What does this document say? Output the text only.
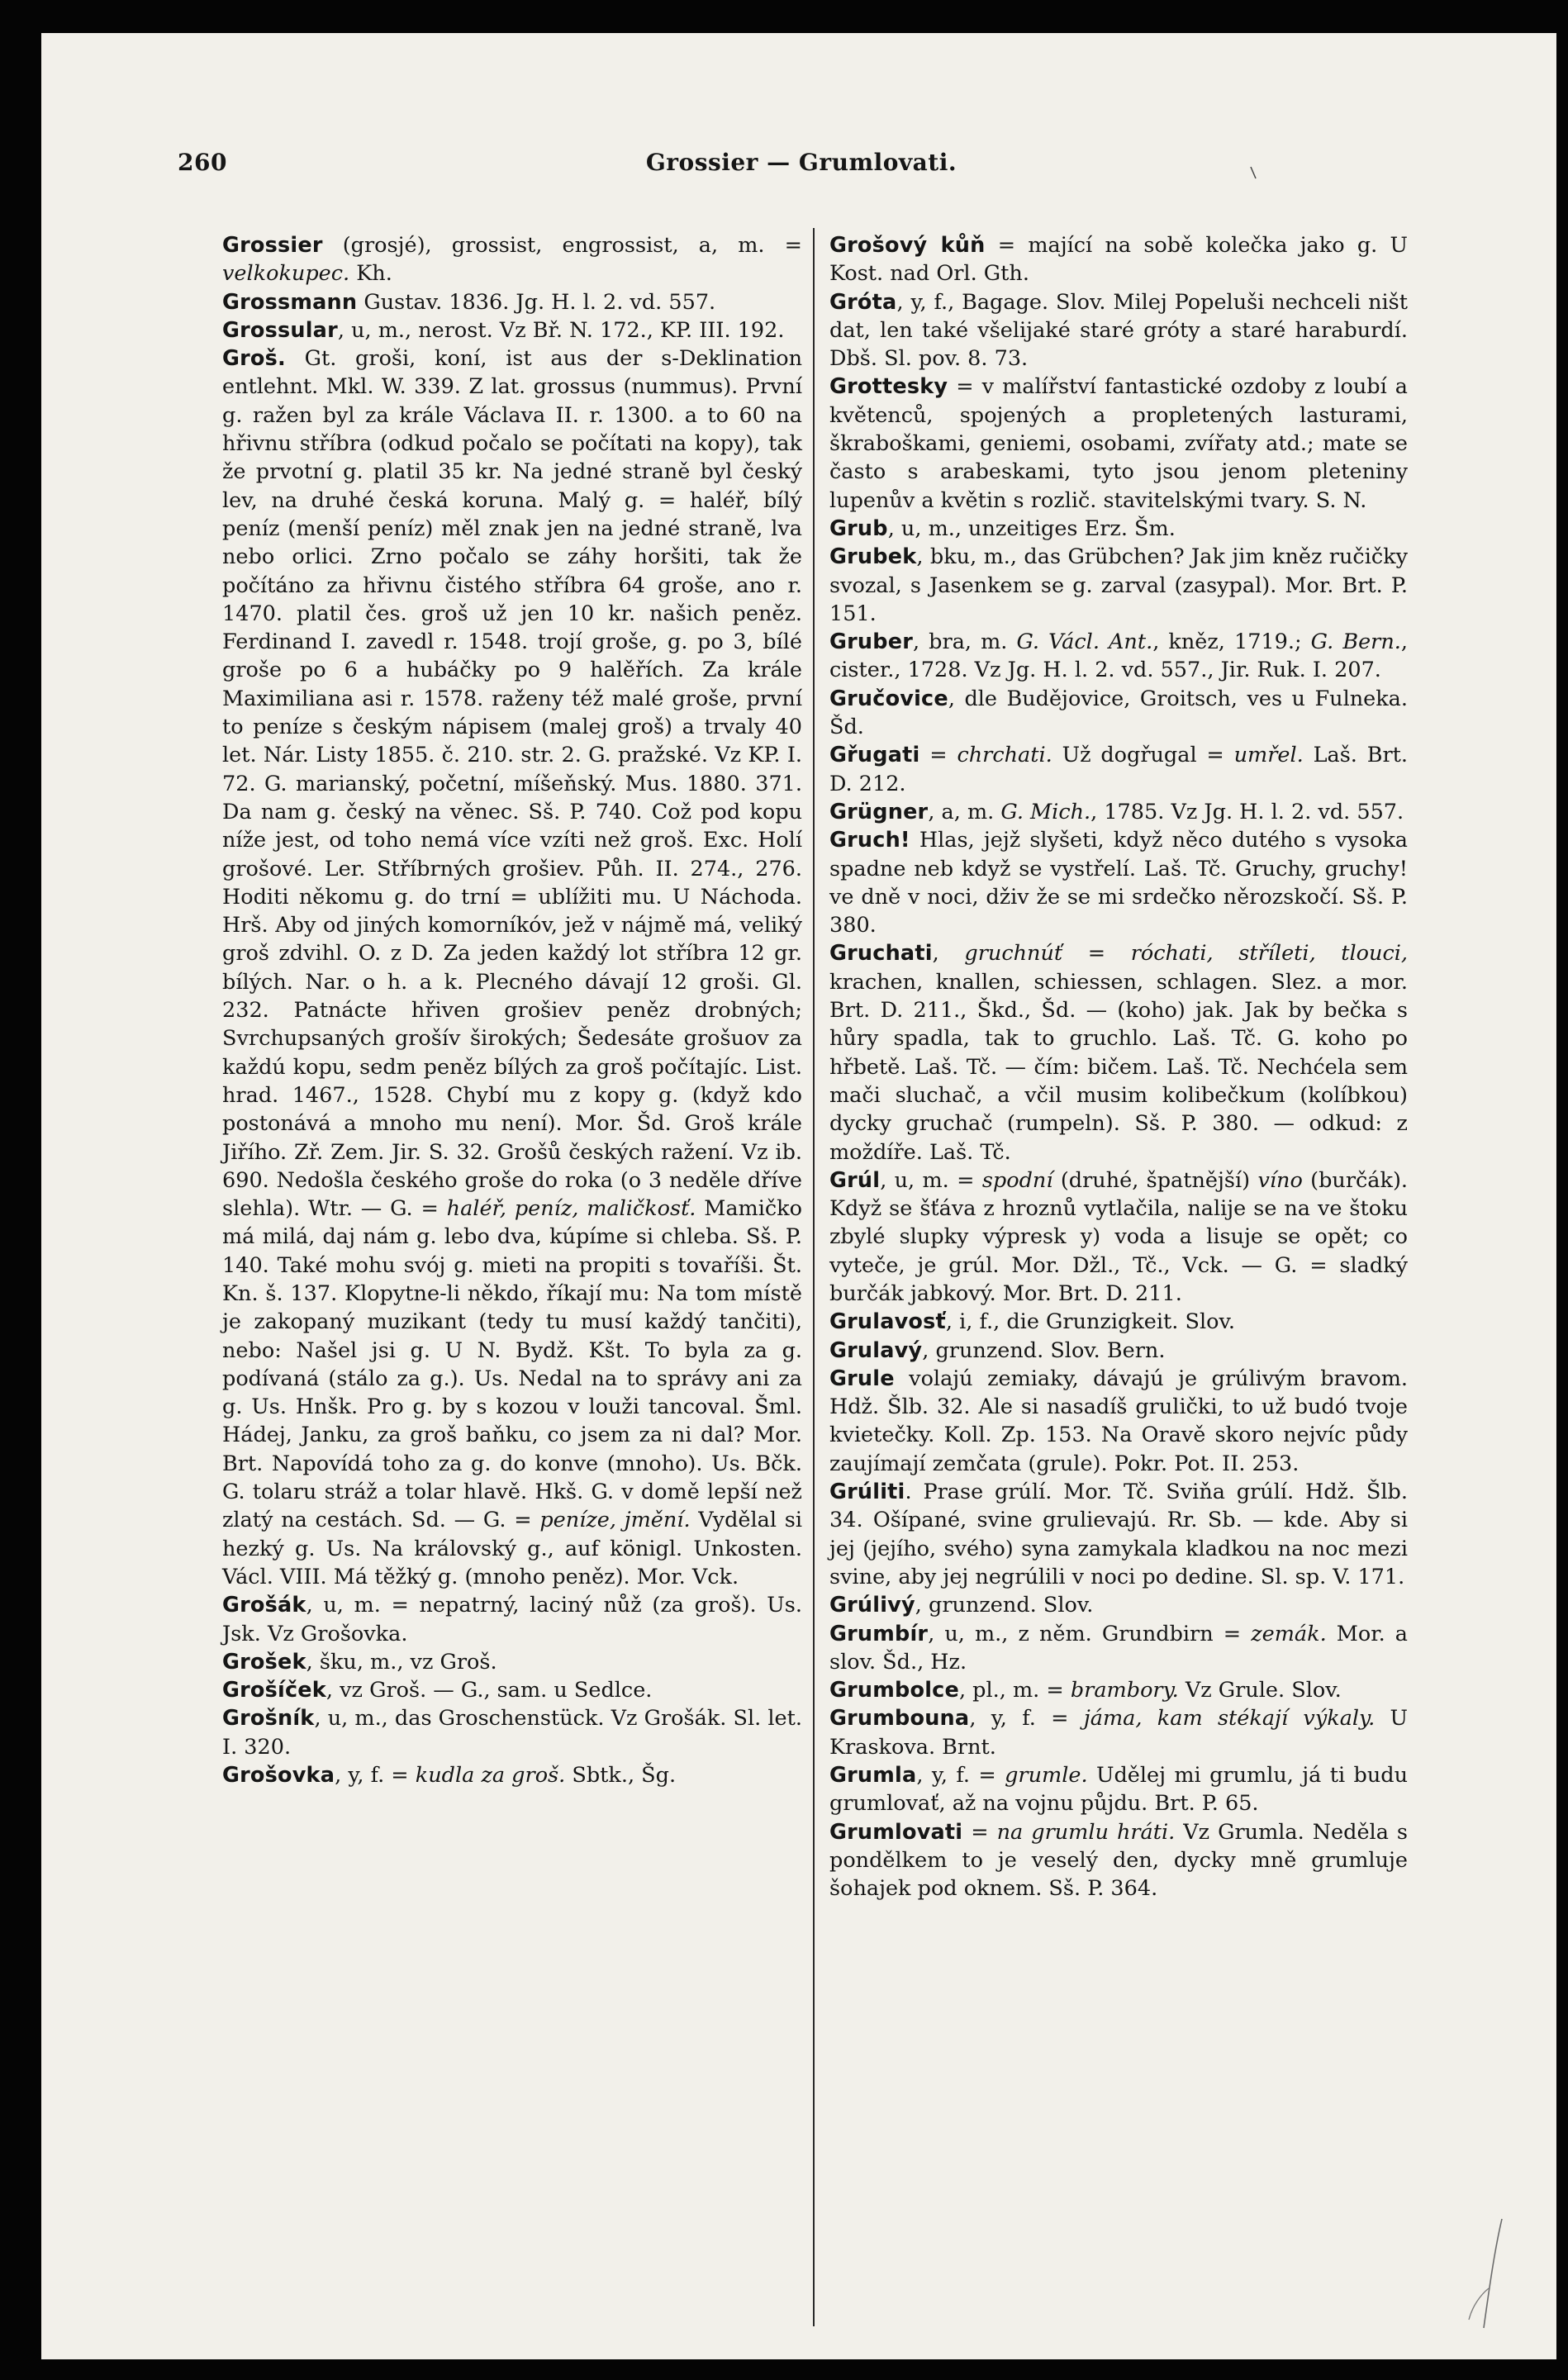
260	Grossier — Grumlovati.

Grossier (grosjé), grossist, engrossist, a, m. = velkokupec. Kh.

Grossmann Gustav. 1836. Jg. H. l. 2. vd. 557.

Grossular, u, m., nerost. Vz Bř. N. 172., KP. III. 192.

Groš. Gt. groši, koní, ist aus der s-Deklination entlehnt. Mkl. W. 339. Z lat. grossus (nummus). První g. ražen byl za krále Václava II. r. 1300. a to 60 na hřivnu stříbra (odkud počalo se počítati na kopy), tak že prvotní g. platil 35 kr. Na jedné straně byl český lev, na druhé česká koruna. Malý g. = haléř, bílý peníz (menší peníz) měl znak jen na jedné straně, lva nebo orlici. Zrno počalo se záhy horšiti, tak že počítáno za hřivnu čistého stříbra 64 groše, ano r. 1470. platil čes. groš už jen 10 kr. našich peněz. Ferdinand I. zavedl r. 1548. trojí groše, g. po 3, bílé groše po 6 a hubáčky po 9 halěřích. Za krále Maximiliana asi r. 1578. raženy též malé groše, první to peníze s českým nápisem (malej groš) a trvaly 40 let. Nár. Listy 1855. č. 210. str. 2. G. pražské. Vz KP. I. 72. G. marianský, početní, míšeňský. Mus. 1880. 371. Da nam g. český na věnec. Sš. P. 740. Což pod kopu níže jest, od toho nemá více vzíti než groš. Exc. Holí grošové. Ler. Stříbrných grošiev. Půh. II. 274., 276. Hoditi někomu g. do trní = ublížiti mu. U Náchoda. Hrš. Aby od jiných komorníkóv, jež v nájmě má, veliký groš zdvihl. O. z D. Za jeden každý lot stříbra 12 gr. bílých. Nar. o h. a k. Plecného dávají 12 groši. Gl. 232. Patnácte hřiven grošiev peněz drobných; Svrchupsaných grošív širokých; Šedesáte grošuov za každú kopu, sedm peněz bílých za groš počítajíc. List. hrad. 1467., 1528. Chybí mu z kopy g. (když kdo postonává a mnoho mu není). Mor. Šd. Groš krále Jiřího. Zř. Zem. Jir. S. 32. Grošů českých ražení. Vz ib. 690. Nedošla českého groše do roka (o 3 neděle dříve slehla). Wtr. — G. = haléř, peníz, maličkosť. Mamičko má milá, daj nám g. lebo dva, kúpíme si chleba. Sš. P. 140. Také mohu svój g. mieti na propiti s tovaříši. Št. Kn. š. 137. Klopytne-li někdo, říkají mu: Na tom místě je zakopaný muzikant (tedy tu musí každý tančiti), nebo: Našel jsi g. U N. Bydž. Kšt. To byla za g. podívaná (stálo za g.). Us. Nedal na to správy ani za g. Us. Hnšk. Pro g. by s kozou v louži tancoval. Šml. Hádej, Janku, za groš baňku, co jsem za ni dal? Mor. Brt. Napovídá toho za g. do konve (mnoho). Us. Bčk. G. tolaru stráž a tolar hlavě. Hkš. G. v domě lepší než zlatý na cestách. Sd. — G. = peníze, jmění. Vydělal si hezký g. Us. Na královský g., auf königl. Unkosten. Václ. VIII. Má těžký g. (mnoho peněz). Mor. Vck.

Grošák, u, m. = nepatrný, laciný nůž (za groš). Us. Jsk. Vz Grošovka.

Grošek, šku, m., vz Groš.

Grošíček, vz Groš. — G., sam. u Sedlce.

Grošník, u, m., das Groschenstück. Vz Grošák. Sl. let. I. 320.

Grošovka, y, f. = kudla za groš. Sbtk., Šg.

Grošový kůň = mající na sobě kolečka jako g. U Kost. nad Orl. Gth.

Gróta, y, f., Bagage. Slov. Milej Popeluši nechceli ništ dat, len také všelijaké staré gróty a staré haraburdí. Dbš. Sl. pov. 8. 73.

Grottesky = v malířství fantastické ozdoby z loubí a květenců, spojených a propletených lasturami, škraboškami, geniemi, osobami, zvířaty atd.; mate se často s arabeskami, tyto jsou jenom pleteniny lupenův a květin s rozlič. stavitelskými tvary. S. N.

Grub, u, m., unzeitiges Erz. Šm.

Grubek, bku, m., das Grübchen? Jak jim kněz ručičky svozal, s Jasenkem se g. zarval (zasypal). Mor. Brt. P. 151.

Gruber, bra, m. G. Václ. Ant., kněz, 1719.; G. Bern., cister., 1728. Vz Jg. H. l. 2. vd. 557., Jir. Ruk. I. 207.

Gručovice, dle Budějovice, Groitsch, ves u Fulneka. Šd.

Gřugati = chrchati. Už dogřugal = umřel. Laš. Brt. D. 212.

Grügner, a, m. G. Mich., 1785. Vz Jg. H. l. 2. vd. 557.

Gruch! Hlas, jejž slyšeti, když něco dutého s vysoka spadne neb když se vystřelí. Laš. Tč. Gruchy, gruchy! ve dně v noci, dživ že se mi srdečko něrozskočí. Sš. P. 380.

Gruchati, gruchnúť = róchati, stříleti, tlouci, krachen, knallen, schiessen, schlagen. Slez. a mor. Brt. D. 211., Škd., Šd. — (koho) jak. Jak by bečka s hůry spadla, tak to gruchlo. Laš. Tč. G. koho po hřbetě. Laš. Tč. — čím: bičem. Laš. Tč. Nechćela sem mači sluchač, a včil musim kolibečkum (kolíbkou) dycky gruchač (rumpeln). Sš. P. 380. — odkud: z moždíře. Laš. Tč.

Grúl, u, m. = spodní (druhé, špatnější) víno (burčák). Když se šťáva z hroznů vytlačila, nalije se na ve štoku zbylé slupky výpresk y) voda a lisuje se opět; co vyteče, je grúl. Mor. Džl., Tč., Vck. — G. = sladký burčák jabkový. Mor. Brt. D. 211.

Grulavosť, i, f., die Grunzigkeit. Slov.

Grulavý, grunzend. Slov. Bern.

Grule volajú zemiaky, dávajú je grúlivým bravom. Hdž. Šlb. 32. Ale si nasadíš grulički, to už budó tvoje kvietečky. Koll. Zp. 153. Na Oravě skoro nejvíc půdy zaujímají zemčata (grule). Pokr. Pot. II. 253.

Grúliti. Prase grúlí. Mor. Tč. Sviňa grúlí. Hdž. Šlb. 34. Ošípané, svine grulievajú. Rr. Sb. — kde. Aby si jej (jejího, svého) syna zamykala kladkou na noc mezi svine, aby jej negrúlili v noci po dedine. Sl. sp. V. 171.

Grúlivý, grunzend. Slov.

Grumbír, u, m., z něm. Grundbirn = zemák. Mor. a slov. Šd., Hz.

Grumbolce, pl., m. = brambory. Vz Grule. Slov.

Grumbouna, y, f. = jáma, kam stékají výkaly. U Kraskova. Brnt.

Grumla, y, f. = grumle. Udělej mi grumlu, já ti budu grumlovať, až na vojnu půjdu. Brt. P. 65.

Grumlovati = na grumlu hráti. Vz Grumla. Neděla s pondělkem to je veselý den, dycky mně grumluje šohajek pod oknem. Sš. P. 364.
